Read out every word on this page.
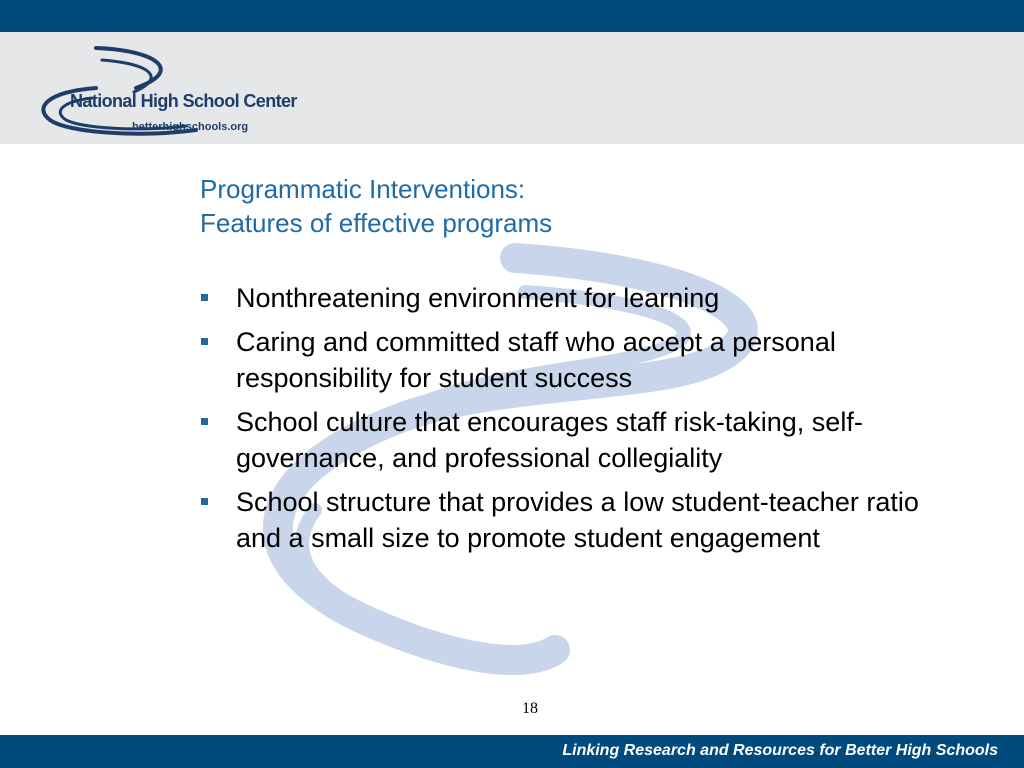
National High School Center

betterhighschools.org

Programmatic Interventions:
Features of effective programs
Nonthreatening environment for learning
Caring and committed staff who accept a personal responsibility for student success
School culture that encourages staff risk-taking, self-governance, and professional collegiality
School structure that provides a low student-teacher ratio and a small size to promote student engagement
18

Linking Research and Resources for Better High Schools
